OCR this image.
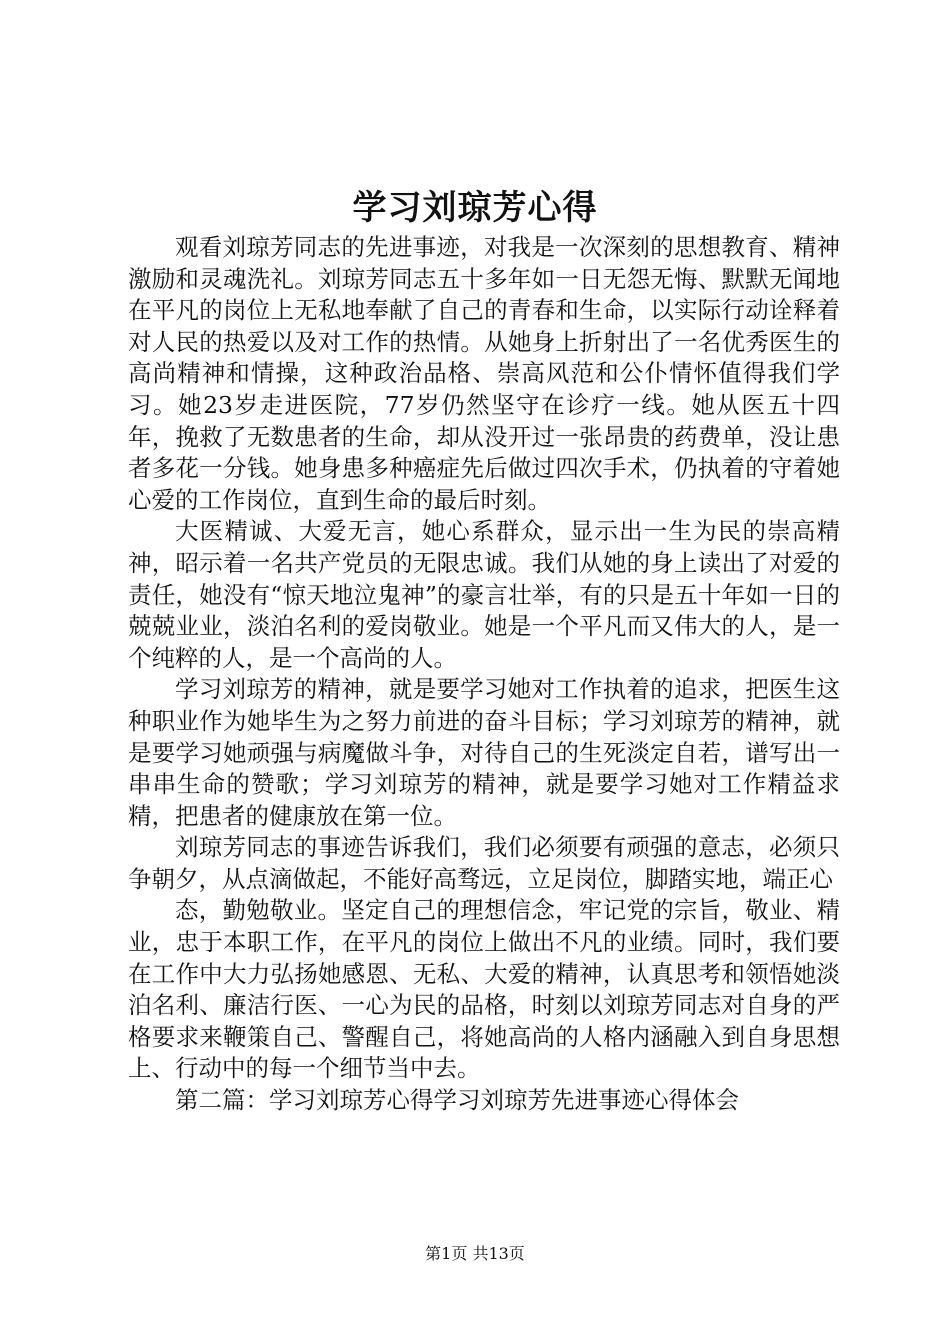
学习刘琼芳心得

观看刘琼芳同志的先进事迹，对我是一次深刻的思想教育、精神激励和灵魂洗礼。刘琼芳同志五十多年如一日无怨无悔、默默无闻地在平凡的岗位上无私地奉献了自己的青春和生命，以实际行动诠释着对人民的热爱以及对工作的热情。从她身上折射出了一名优秀医生的高尚精神和情操，这种政治品格、崇高风范和公仆情怀值得我们学习。她23岁走进医院，77岁仍然坚守在诊疗一线。她从医五十四年，挽救了无数患者的生命，却从没开过一张昂贵的药费单，没让患者多花一分钱。她身患多种癌症先后做过四次手术，仍执着的守着她心爱的工作岗位，直到生命的最后时刻。

大医精诚、大爱无言，她心系群众，显示出一生为民的崇高精神，昭示着一名共产党员的无限忠诚。我们从她的身上读出了对爱的责任，她没有“惊天地泣鬼神”的豪言壮举，有的只是五十年如一日的兢兢业业，淡泊名利的爱岗敬业。她是一个平凡而又伟大的人，是一个纯粹的人，是一个高尚的人。

学习刘琼芳的精神，就是要学习她对工作执着的追求，把医生这种职业作为她毕生为之努力前进的奋斗目标；学习刘琼芳的精神，就是要学习她顽强与病魔做斗争，对待自己的生死淡定自若，谱写出一串串生命的赞歌；学习刘琼芳的精神，就是要学习她对工作精益求精，把患者的健康放在第一位。

刘琼芳同志的事迹告诉我们，我们必须要有顽强的意志，必须只争朝夕，从点滴做起，不能好高骛远，立足岗位，脚踏实地，端正心

态，勤勉敬业。坚定自己的理想信念，牢记党的宗旨，敬业、精业，忠于本职工作，在平凡的岗位上做出不凡的业绩。同时，我们要在工作中大力弘扬她感恩、无私、大爱的精神，认真思考和领悟她淡泊名利、廉洁行医、一心为民的品格，时刻以刘琼芳同志对自身的严格要求来鞭策自己、警醒自己，将她高尚的人格内涵融入到自身思想上、行动中的每一个细节当中去。

第二篇：学习刘琼芳心得学习刘琼芳先进事迹心得体会

第1页 共13页
